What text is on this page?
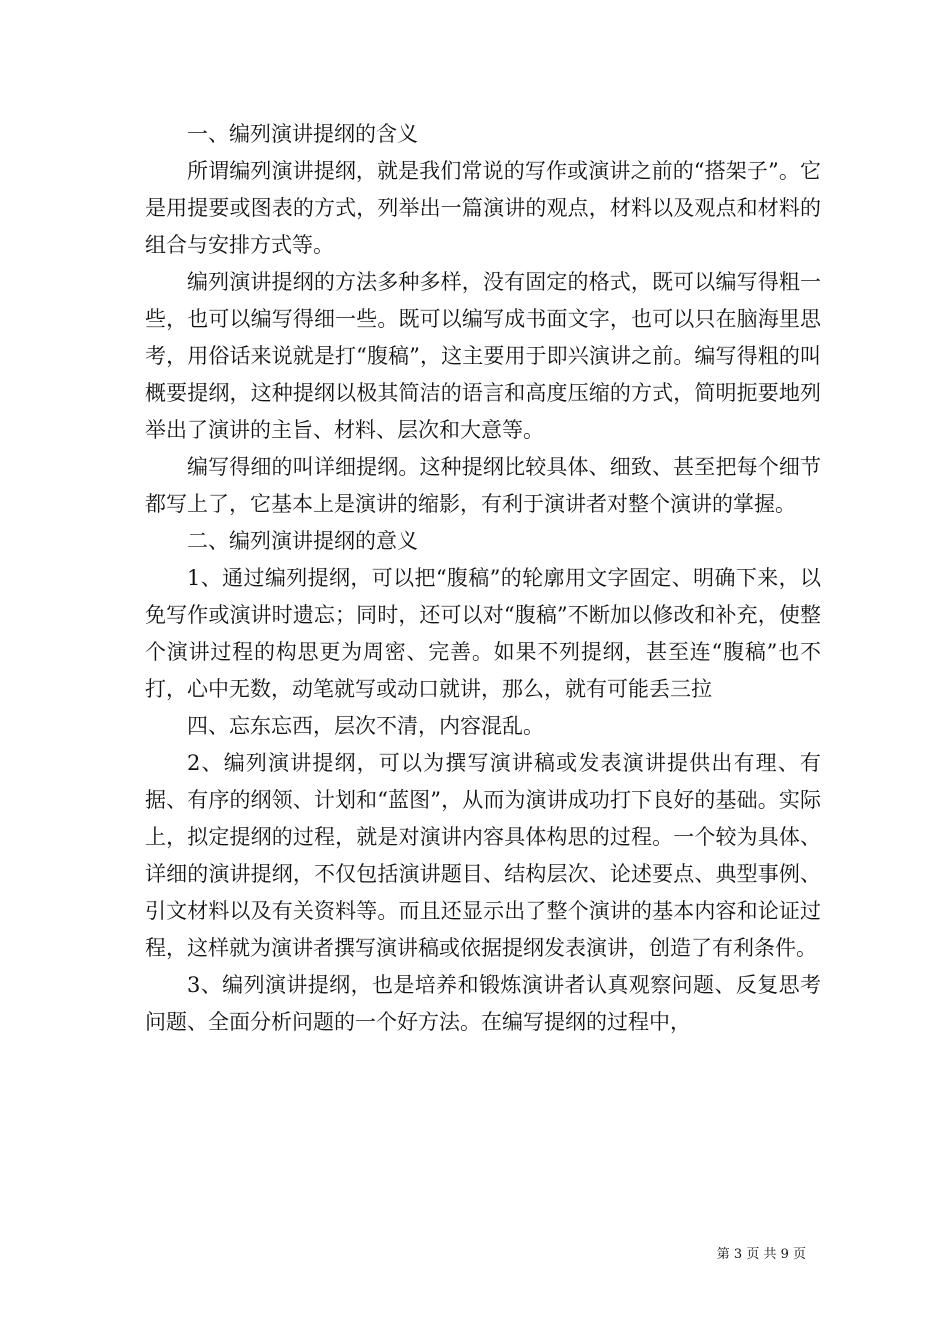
一、编列演讲提纲的含义

所谓编列演讲提纲，就是我们常说的写作或演讲之前的“搭架子”。它是用提要或图表的方式，列举出一篇演讲的观点，材料以及观点和材料的组合与安排方式等。

编列演讲提纲的方法多种多样，没有固定的格式，既可以编写得粗一些，也可以编写得细一些。既可以编写成书面文字，也可以只在脑海里思考，用俗话来说就是打“腹稿”，这主要用于即兴演讲之前。编写得粗的叫概要提纲，这种提纲以极其简洁的语言和高度压缩的方式，简明扼要地列举出了演讲的主旨、材料、层次和大意等。

编写得细的叫详细提纲。这种提纲比较具体、细致、甚至把每个细节都写上了，它基本上是演讲的缩影，有利于演讲者对整个演讲的掌握。

二、编列演讲提纲的意义

1、通过编列提纲，可以把“腹稿”的轮廓用文字固定、明确下来，以免写作或演讲时遗忘；同时，还可以对“腹稿”不断加以修改和补充，使整个演讲过程的构思更为周密、完善。如果不列提纲，甚至连“腹稿”也不打，心中无数，动笔就写或动口就讲，那么，就有可能丢三拉

四、忘东忘西，层次不清，内容混乱。

2、编列演讲提纲，可以为撰写演讲稿或发表演讲提供出有理、有据、有序的纲领、计划和“蓝图”，从而为演讲成功打下良好的基础。实际上，拟定提纲的过程，就是对演讲内容具体构思的过程。一个较为具体、详细的演讲提纲，不仅包括演讲题目、结构层次、论述要点、典型事例、引文材料以及有关资料等。而且还显示出了整个演讲的基本内容和论证过程，这样就为演讲者撰写演讲稿或依据提纲发表演讲，创造了有利条件。

3、编列演讲提纲，也是培养和锻炼演讲者认真观察问题、反复思考问题、全面分析问题的一个好方法。在编写提纲的过程中，

第 3 页 共 9 页
